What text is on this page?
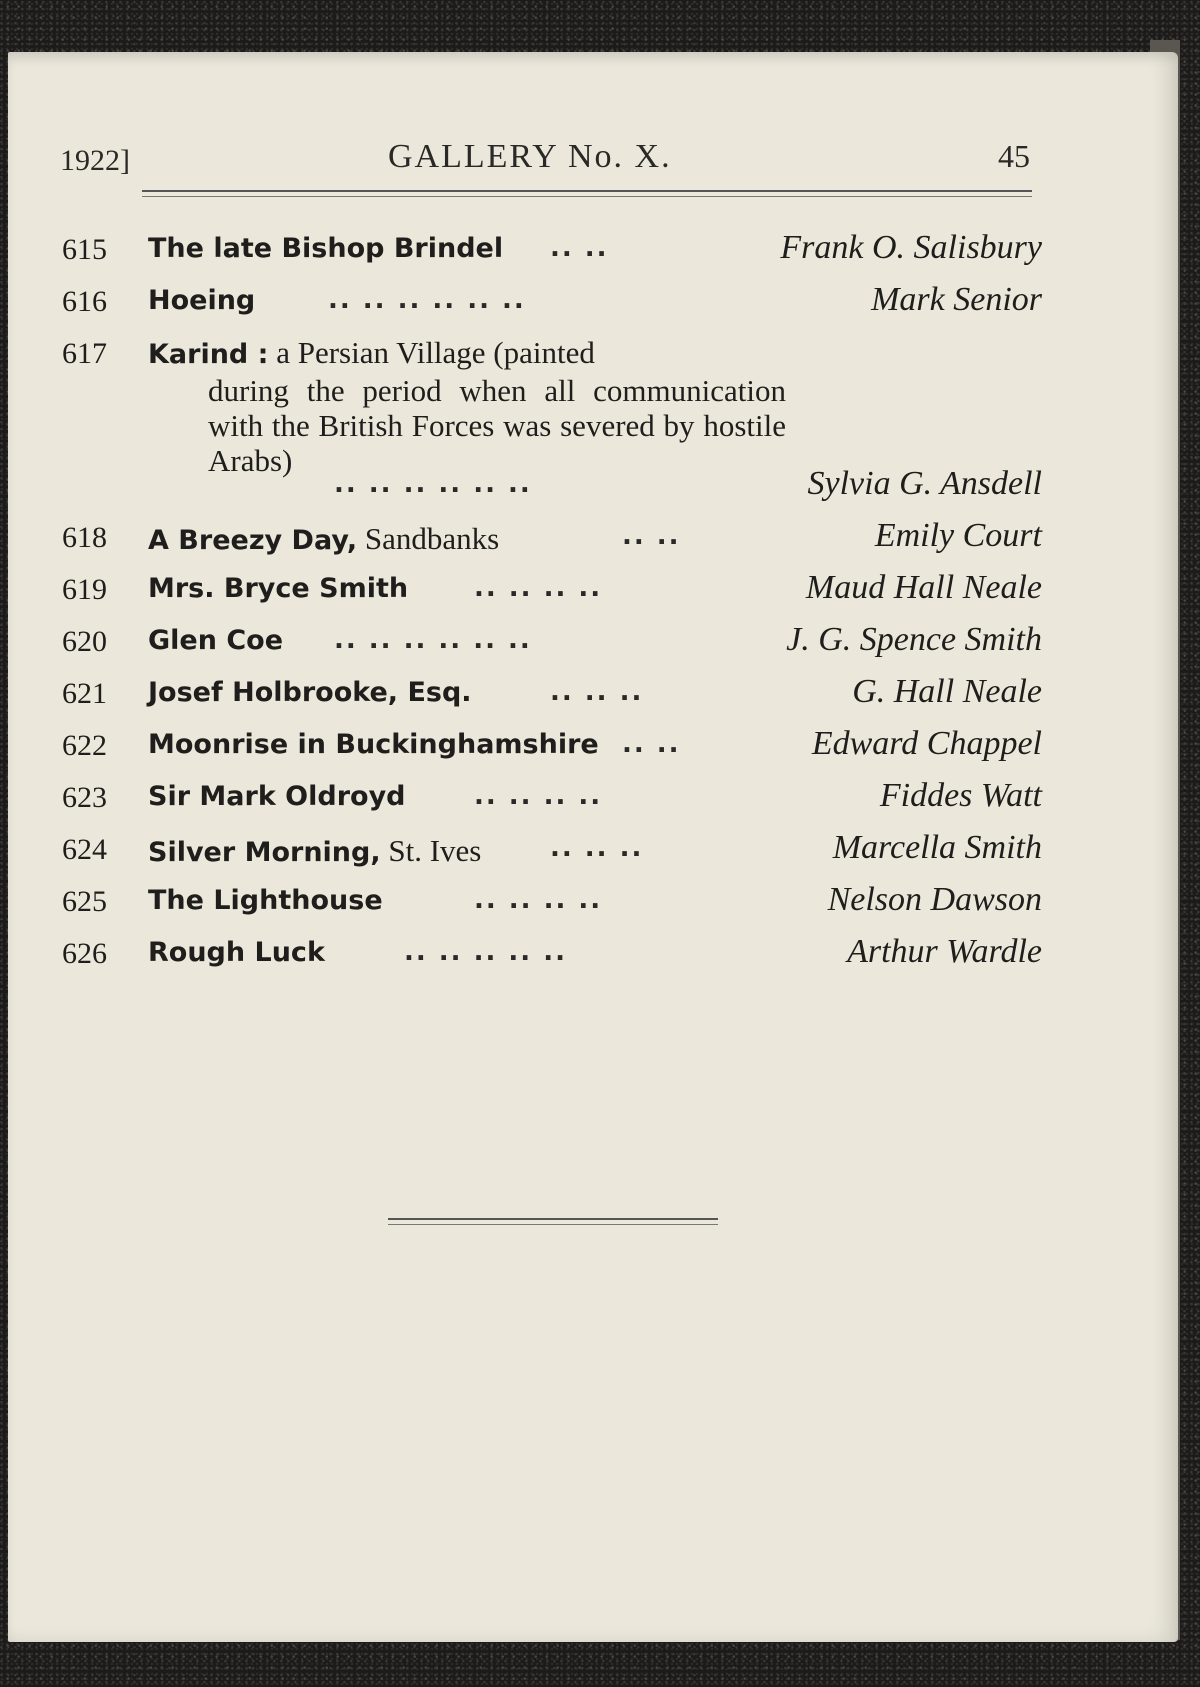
1922]	GALLERY No. X.	45
615 The late Bishop Brindel .. ..	Frank O. Salisbury
616 Hoeing	.. .. .. .. .. ..	Mark Senior
617 Karind : a Persian Village (painted
during the period when all communication with the British Forces was severed by hostile Arabs)
.. .. .. .. .. ..	Sylvia G. Ansdell
618 A Breezy Day, Sandbanks	.. ..	Emily Court
619 Mrs. Bryce Smith	.. .. .. ..	Maud Hall Neale
620 Glen Coe .. .. .. .. .. ..	J. G. Spence Smith
621 Josef Holbrooke, Esq.	.. .. ..	G. Hall Neale
622 Moonrise in Buckinghamshire .. ..	Edward Chappel
623 Sir Mark Oldroyd	.. .. .. ..	Fiddes Watt
624 Silver Morning, St. Ives	.. .. ..	Marcella Smith
625 The Lighthouse	.. .. .. ..	Nelson Dawson
626 Rough Luck	.. .. .. .. ..	Arthur Wardle
